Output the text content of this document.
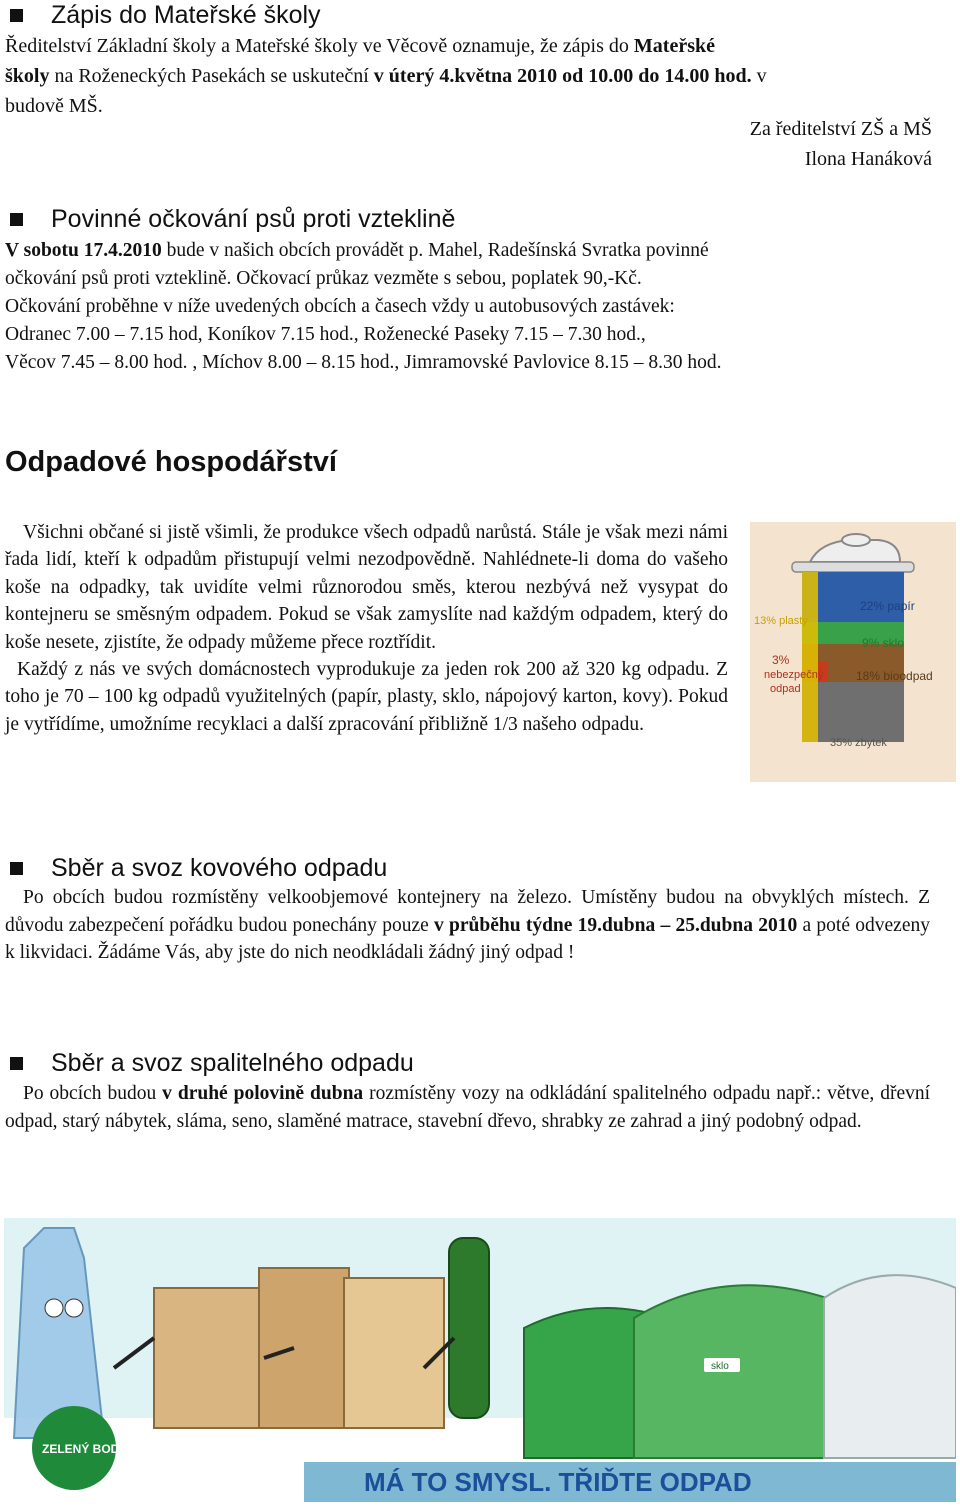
Zápis do Mateřské školy

Ředitelství Základní školy a Mateřské školy ve Věcově oznamuje, že zápis do Mateřské

školy na Roženeckých Pasekách se uskuteční v úterý 4.května 2010 od 10.00 do 14.00 hod. v

budově MŠ.

Za ředitelství ZŠ a MŠ
Ilona Hanáková
Povinné očkování psů proti vzteklině

V sobotu 17.4.2010 bude v našich obcích provádět p. Mahel, Radešínská Svratka povinné

očkování psů proti vzteklině. Očkovací průkaz vezměte s sebou, poplatek 90,-Kč.

Očkování proběhne v níže uvedených obcích a časech vždy u autobusových zastávek:

Odranec 7.00 – 7.15 hod, Koníkov 7.15 hod., Roženecké Paseky 7.15 – 7.30 hod.,

Věcov 7.45 – 8.00 hod. , Míchov 8.00 – 8.15 hod., Jimramovské Pavlovice 8.15 – 8.30 hod.

Odpadové hospodářství

Všichni občané si jistě všimli, že produkce všech odpadů narůstá. Stále je však mezi námi řada lidí, kteří k odpadům přistupují velmi nezodpovědně. Nahlédnete-li doma do vašeho koše na odpadky, tak uvidíte velmi různorodou směs, kterou nezbývá než vysypat do kontejneru se směsným odpadem. Pokud se však zamyslíte nad každým odpadem, který do koše nesete, zjistíte, že odpady můžeme přece roztřídit.

Každý z nás ve svých domácnostech vyprodukuje za jeden rok 200 až 320 kg odpadu. Z toho je 70 – 100 kg odpadů využitelných (papír, plasty, sklo, nápojový karton, kovy). Pokud je vytřídíme, umožníme recyklaci a další zpracování přibližně 1/3 našeho odpadu.

22% papír
9% sklo
18% bioodpad
35% zbytek
13% plasty
3%
nebezpečný
odpad
Sběr a svoz kovového odpadu

Po obcích budou rozmístěny velkoobjemové kontejnery na železo. Umístěny budou na obvyklých místech. Z důvodu zabezpečení pořádku budou ponechány pouze v průběhu týdne 19.dubna – 25.dubna 2010 a poté odvezeny k likvidaci. Žádáme Vás, aby jste do nich neodkládali žádný jiný odpad !

Sběr a svoz spalitelného odpadu

Po obcích budou v druhé polovině dubna rozmístěny vozy na odkládání spalitelného odpadu např.: větve, dřevní odpad, starý nábytek, sláma, seno, slaměné matrace, stavební dřevo, shrabky ze zahrad a jiný podobný odpad.

sklo
ZELENÝ BOD
MÁ TO SMYSL. TŘIĎTE ODPAD
